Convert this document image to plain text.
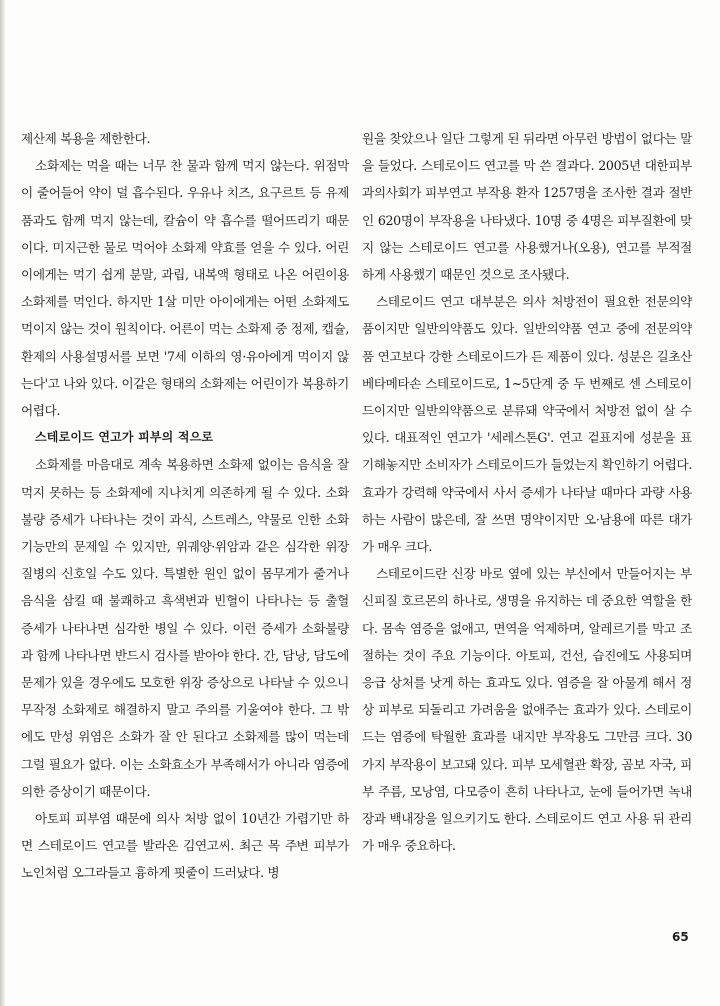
제산제 복용을 제한한다.

소화제는 먹을 때는 너무 찬 물과 함께 먹지 않는다. 위점막이 줄어들어 약이 덜 흡수된다. 우유나 치즈, 요구르트 등 유제품과도 함께 먹지 않는데, 칼슘이 약 흡수를 떨어뜨리기 때문이다. 미지근한 물로 먹어야 소화제 약효를 얻을 수 있다. 어린이에게는 먹기 쉽게 분말, 과립, 내복액 형태로 나온 어린이용 소화제를 먹인다. 하지만 1살 미만 아이에게는 어떤 소화제도 먹이지 않는 것이 원칙이다. 어른이 먹는 소화제 중 정제, 캡슐, 환제의 사용설명서를 보면 '7세 이하의 영·유아에게 먹이지 않는다'고 나와 있다. 이같은 형태의 소화제는 어린이가 복용하기 어렵다.

스테로이드 연고가 피부의 적으로

소화제를 마음대로 계속 복용하면 소화제 없이는 음식을 잘 먹지 못하는 등 소화제에 지나치게 의존하게 될 수 있다. 소화불량 증세가 나타나는 것이 과식, 스트레스, 약물로 인한 소화 기능만의 문제일 수 있지만, 위궤양·위암과 같은 심각한 위장 질병의 신호일 수도 있다. 특별한 원인 없이 몸무게가 줄거나 음식을 삼킬 때 불쾌하고 흑색변과 빈혈이 나타나는 등 출혈 증세가 나타나면 심각한 병일 수 있다. 이런 증세가 소화불량과 함께 나타나면 반드시 검사를 받아야 한다. 간, 담낭, 담도에 문제가 있을 경우에도 모호한 위장 증상으로 나타날 수 있으니 무작정 소화제로 해결하지 말고 주의를 기울여야 한다. 그 밖에도 만성 위염은 소화가 잘 안 된다고 소화제를 많이 먹는데 그럴 필요가 없다. 이는 소화효소가 부족해서가 아니라 염증에 의한 증상이기 때문이다.

아토피 피부염 때문에 의사 처방 없이 10년간 가렵기만 하면 스테로이드 연고를 발라온 김연고씨. 최근 목 주변 피부가 노인처럼 오그라들고 흉하게 핏줄이 드러났다. 병

원을 찾았으나 일단 그렇게 된 뒤라면 아무런 방법이 없다는 말을 들었다. 스테로이드 연고를 막 쓴 결과다. 2005년 대한피부과의사회가 피부연고 부작용 환자 1257명을 조사한 결과 절반인 620명이 부작용을 나타냈다. 10명 중 4명은 피부질환에 맞지 않는 스테로이드 연고를 사용했거나(오용), 연고를 부적절하게 사용했기 때문인 것으로 조사됐다.

스테로이드 연고 대부분은 의사 처방전이 필요한 전문의약품이지만 일반의약품도 있다. 일반의약품 연고 중에 전문의약품 연고보다 강한 스테로이드가 든 제품이 있다. 성분은 길초산 베타메타손 스테로이드로, 1~5단계 중 두 번째로 센 스테로이드이지만 일반의약품으로 분류돼 약국에서 처방전 없이 살 수 있다. 대표적인 연고가 '세레스톤G'. 연고 겉표지에 성분을 표기해놓지만 소비자가 스테로이드가 들었는지 확인하기 어렵다. 효과가 강력해 약국에서 사서 증세가 나타날 때마다 과량 사용하는 사람이 많은데, 잘 쓰면 명약이지만 오·남용에 따른 대가가 매우 크다.

스테로이드란 신장 바로 옆에 있는 부신에서 만들어지는 부신피질 호르몬의 하나로, 생명을 유지하는 데 중요한 역할을 한다. 몸속 염증을 없애고, 면역을 억제하며, 알레르기를 막고 조절하는 것이 주요 기능이다. 아토피, 건선, 습진에도 사용되며 응급 상처를 낫게 하는 효과도 있다. 염증을 잘 아물게 해서 정상 피부로 되돌리고 가려움을 없애주는 효과가 있다. 스테로이드는 염증에 탁월한 효과를 내지만 부작용도 그만큼 크다. 30가지 부작용이 보고돼 있다. 피부 모세혈관 확장, 곰보 자국, 피부 주름, 모낭염, 다모증이 흔히 나타나고, 눈에 들어가면 녹내장과 백내장을 일으키기도 한다. 스테로이드 연고 사용 뒤 관리가 매우 중요하다.

65
